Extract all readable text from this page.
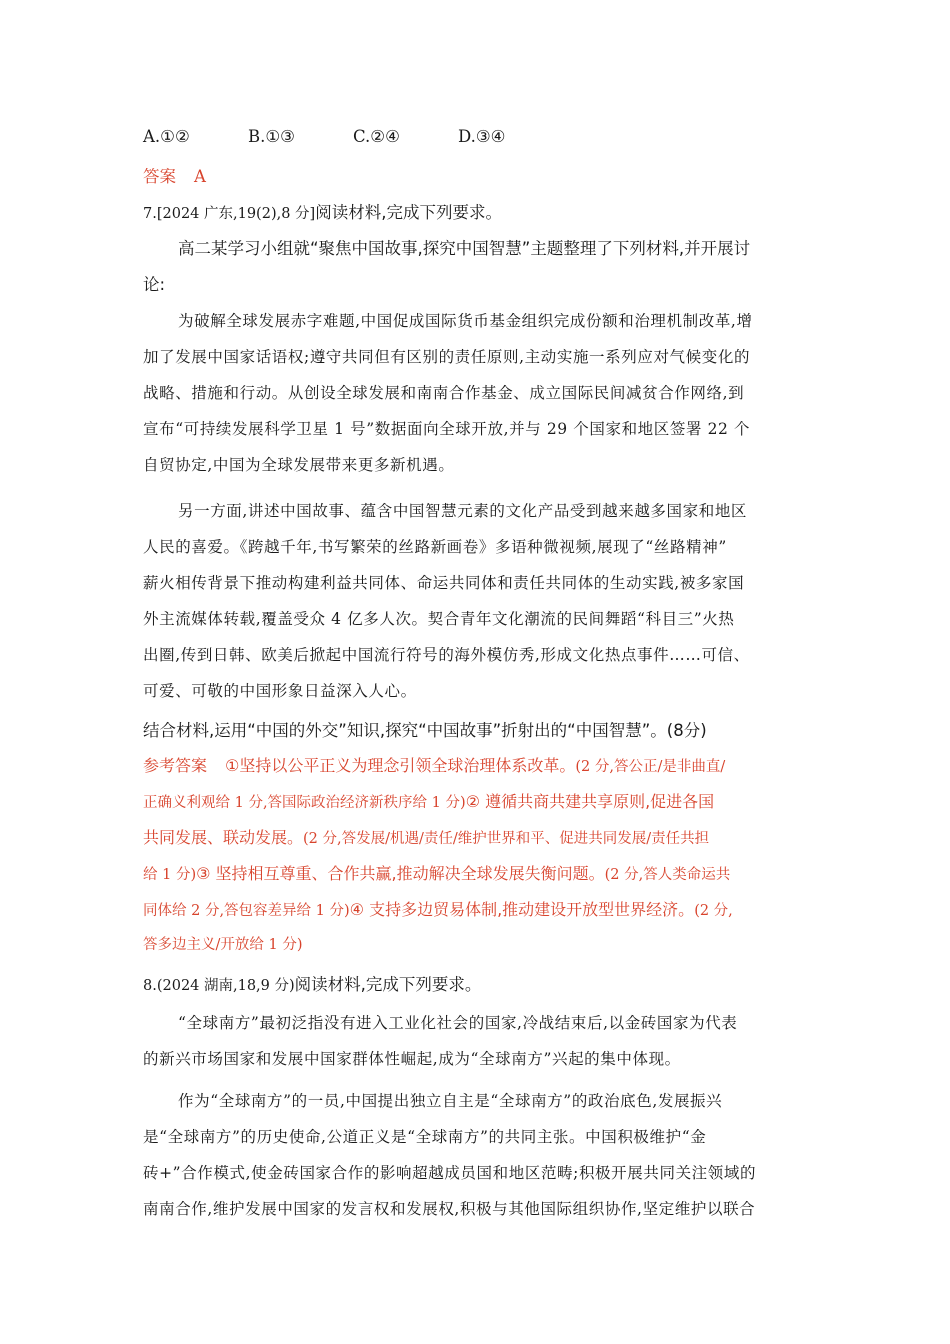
A.①②	B.①③	C.②④	D.③④
答案 A
7.[2024 广东,19(2),8 分]阅读材料,完成下列要求。
高二某学习小组就“聚焦中国故事,探究中国智慧”主题整理了下列材料,并开展讨
论:
为破解全球发展赤字难题,中国促成国际货币基金组织完成份额和治理机制改革,增
加了发展中国家话语权;遵守共同但有区别的责任原则,主动实施一系列应对气候变化的
战略、措施和行动。从创设全球发展和南南合作基金、成立国际民间减贫合作网络,到
宣布“可持续发展科学卫星 1 号”数据面向全球开放,并与 29 个国家和地区签署 22 个
自贸协定,中国为全球发展带来更多新机遇。
另一方面,讲述中国故事、蕴含中国智慧元素的文化产品受到越来越多国家和地区
人民的喜爱。《跨越千年,书写繁荣的丝路新画卷》多语种微视频,展现了“丝路精神”
薪火相传背景下推动构建利益共同体、命运共同体和责任共同体的生动实践,被多家国
外主流媒体转载,覆盖受众 4 亿多人次。契合青年文化潮流的民间舞蹈“科目三”火热
出圈,传到日韩、欧美后掀起中国流行符号的海外模仿秀,形成文化热点事件……可信、
可爱、可敬的中国形象日益深入人心。
结合材料,运用“中国的外交”知识,探究“中国故事”折射出的“中国智慧”。(8分)
参考答案 ①坚持以公平正义为理念引领全球治理体系改革。(2 分,答公正/是非曲直/
正确义利观给 1 分,答国际政治经济新秩序给 1 分)② 遵循共商共建共享原则,促进各国
共同发展、联动发展。(2 分,答发展/机遇/责任/维护世界和平、促进共同发展/责任共担
给 1 分)③ 坚持相互尊重、合作共赢,推动解决全球发展失衡问题。(2 分,答人类命运共
同体给 2 分,答包容差异给 1 分)④ 支持多边贸易体制,推动建设开放型世界经济。(2 分,
答多边主义/开放给 1 分)
8.(2024 湖南,18,9 分)阅读材料,完成下列要求。
“全球南方”最初泛指没有进入工业化社会的国家,冷战结束后,以金砖国家为代表
的新兴市场国家和发展中国家群体性崛起,成为“全球南方”兴起的集中体现。
作为“全球南方”的一员,中国提出独立自主是“全球南方”的政治底色,发展振兴
是“全球南方”的历史使命,公道正义是“全球南方”的共同主张。中国积极维护“金
砖+”合作模式,使金砖国家合作的影响超越成员国和地区范畴;积极开展共同关注领域的
南南合作,维护发展中国家的发言权和发展权,积极与其他国际组织协作,坚定维护以联合
